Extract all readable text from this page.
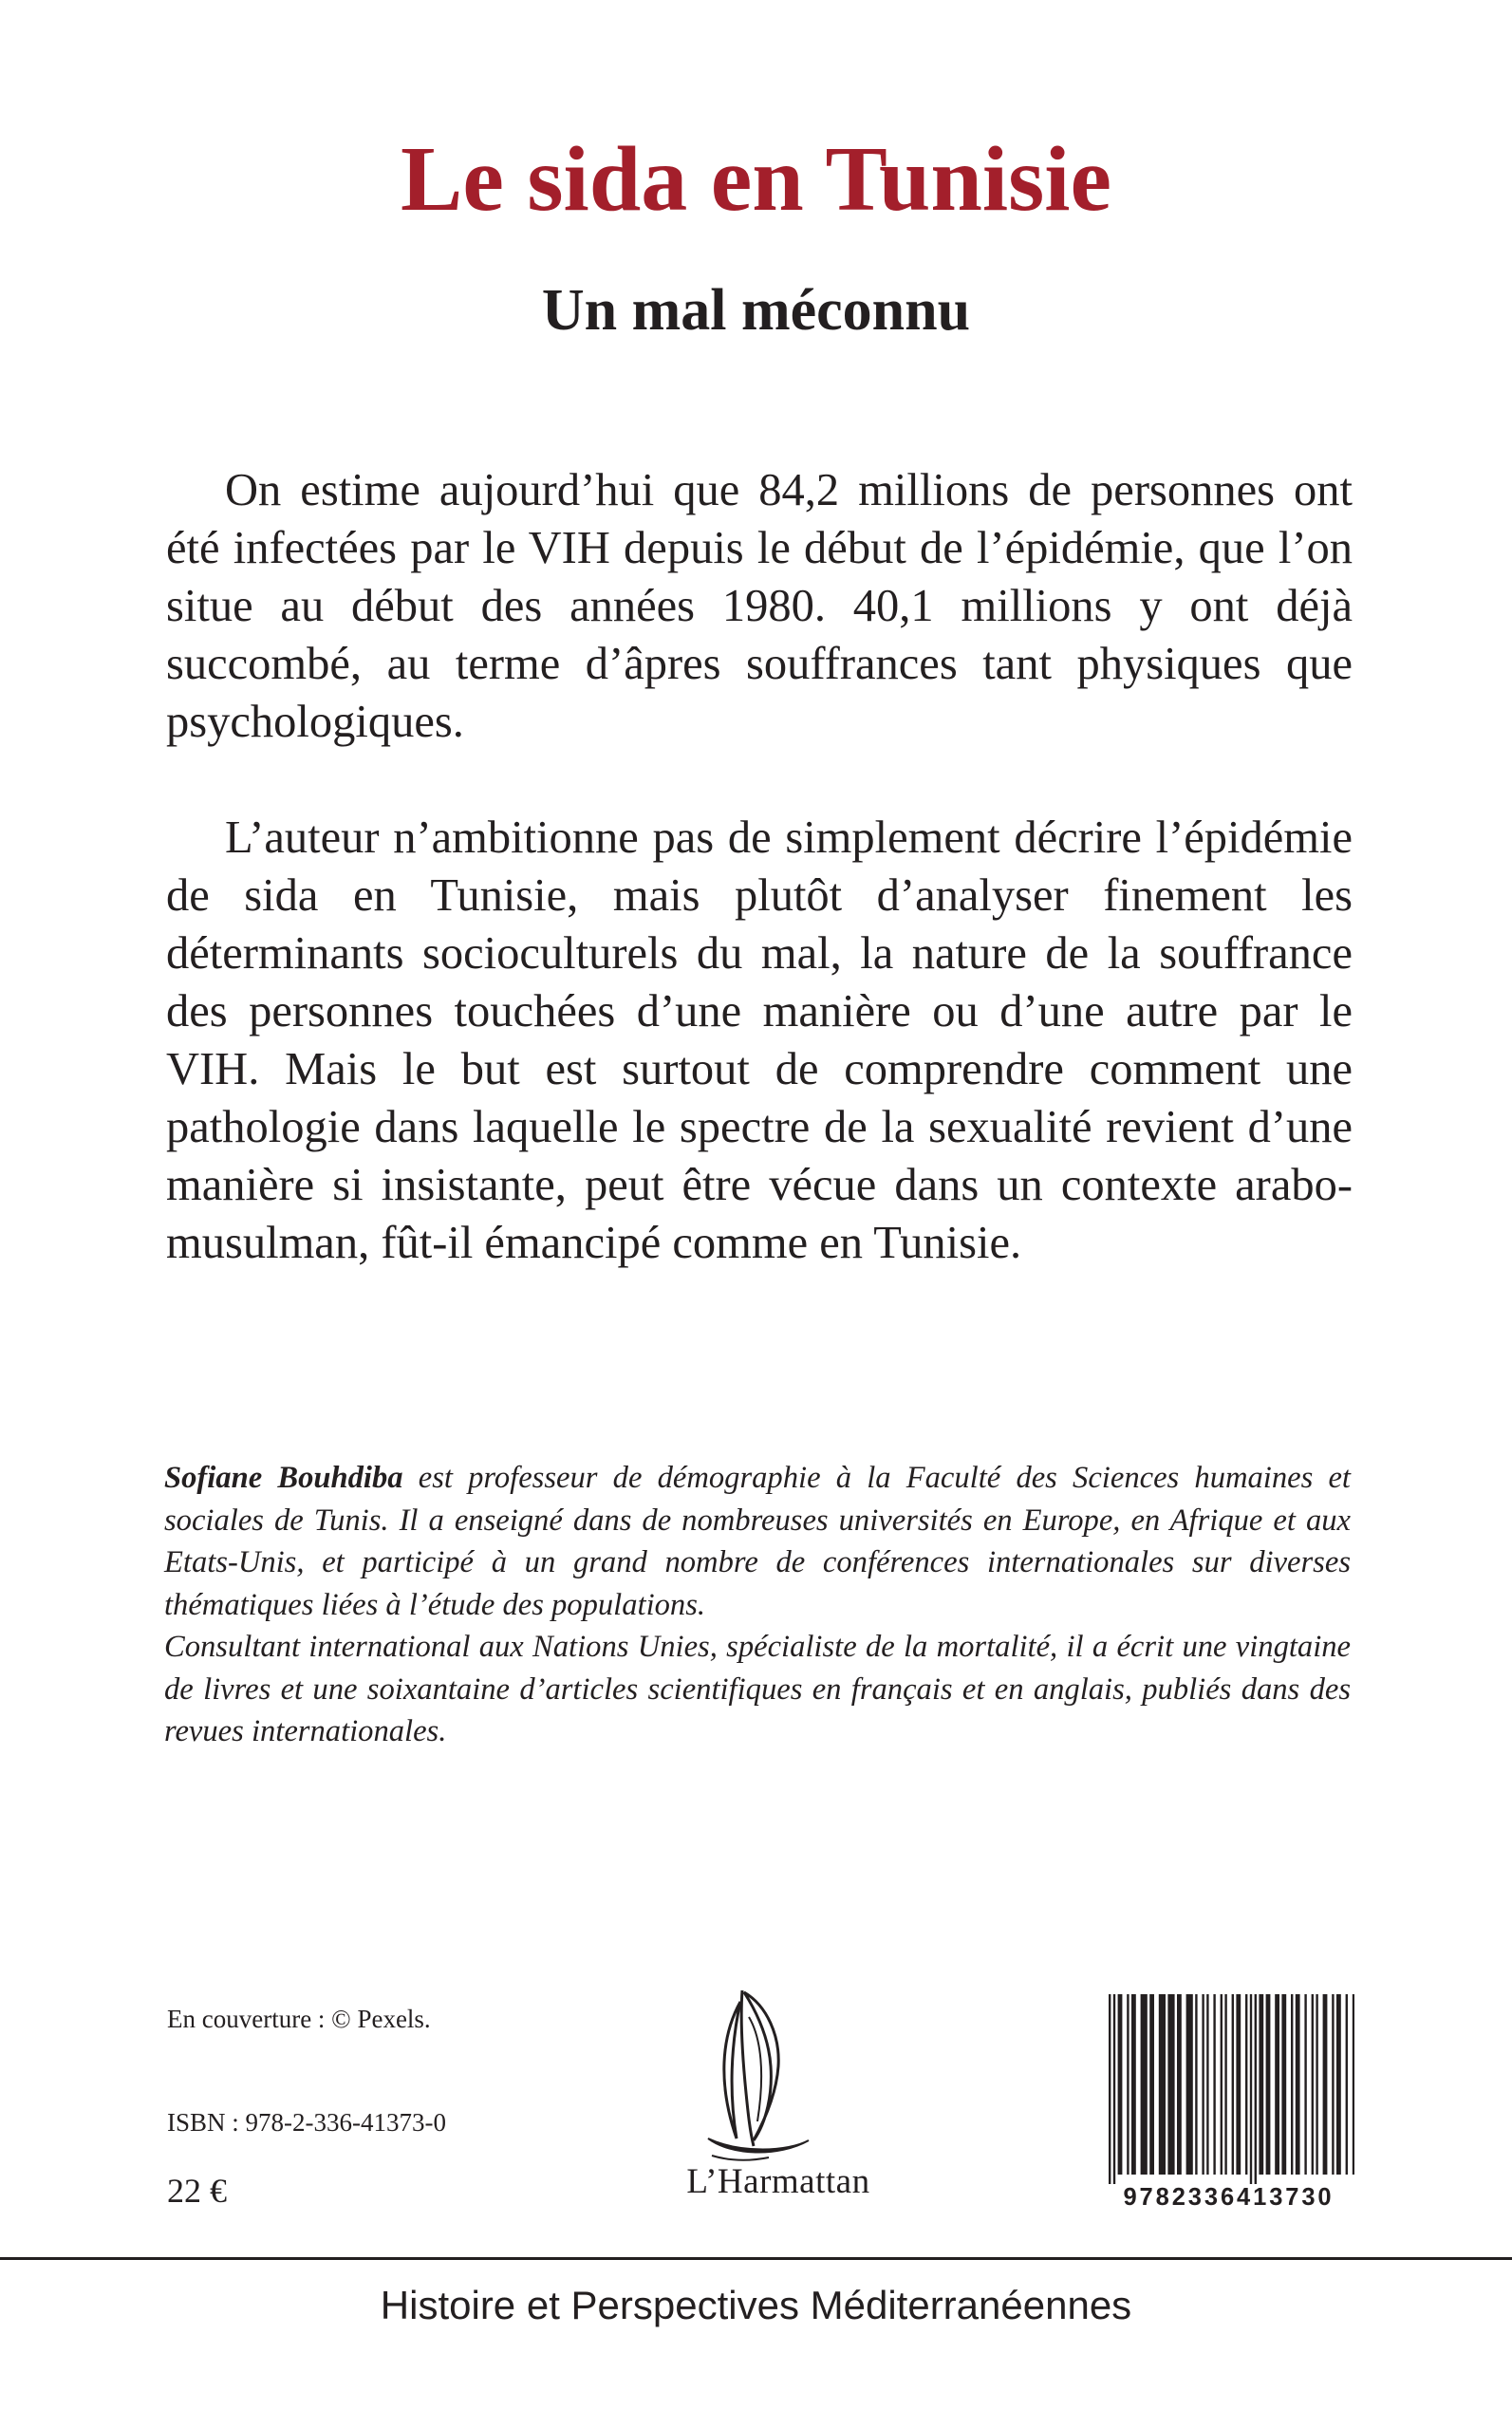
Le sida en Tunisie
Un mal méconnu

On estime aujourd’hui que 84,2 millions de personnes ont été infectées par le VIH depuis le début de l’épidémie, que l’on situe au début des années 1980. 40,1 millions y ont déjà succombé, au terme d’âpres souffrances tant physiques que psychologiques.

L’auteur n’ambitionne pas de simplement décrire l’épidémie de sida en Tunisie, mais plutôt d’analyser finement les déterminants socioculturels du mal, la nature de la souffrance des personnes touchées d’une manière ou d’une autre par le VIH. Mais le but est surtout de comprendre comment une pathologie dans laquelle le spectre de la sexualité revient d’une manière si insistante, peut être vécue dans un contexte arabo-musulman, fût-il émancipé comme en Tunisie.

Sofiane Bouhdiba est professeur de démographie à la Faculté des Sciences humaines et sociales de Tunis. Il a enseigné dans de nombreuses universités en Europe, en Afrique et aux Etats-Unis, et participé à un grand nombre de conférences internationales sur diverses thématiques liées à l’étude des populations.

Consultant international aux Nations Unies, spécialiste de la mortalité, il a écrit une vingtaine de livres et une soixantaine d’articles scientifiques en français et en anglais, publiés dans des revues internationales.

En couverture : © Pexels.
ISBN : 978-2-336-41373-0
22 €	L’Harmattan	9782336413730
Histoire et Perspectives Méditerranéennes
